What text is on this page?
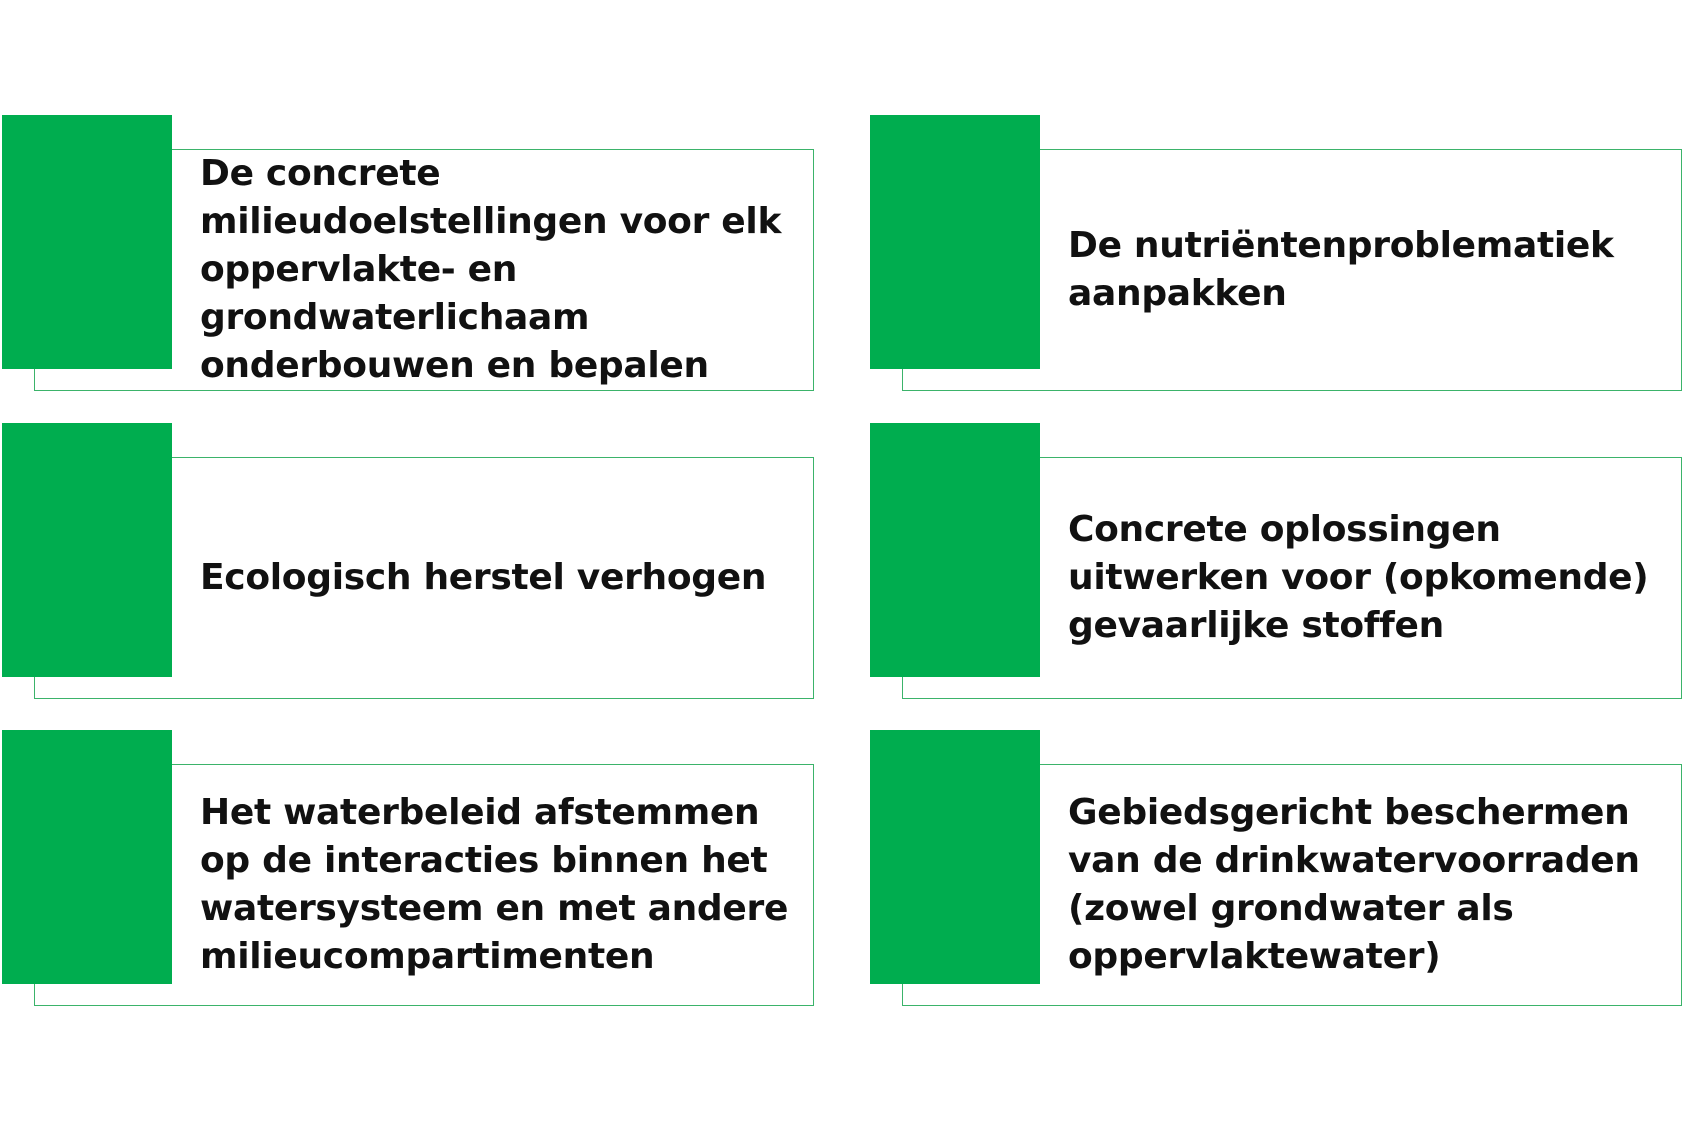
De concrete milieudoelstellingen voor elk oppervlakte- en grondwaterlichaam onderbouwen en bepalen
De nutriëntenproblematiek aanpakken
Ecologisch herstel verhogen
Concrete oplossingen uitwerken voor (opkomende) gevaarlijke stoffen
Het waterbeleid afstemmen op de interacties binnen het watersysteem en met andere milieucompartimenten
Gebiedsgericht beschermen van de drinkwatervoorraden (zowel grondwater als oppervlaktewater)
